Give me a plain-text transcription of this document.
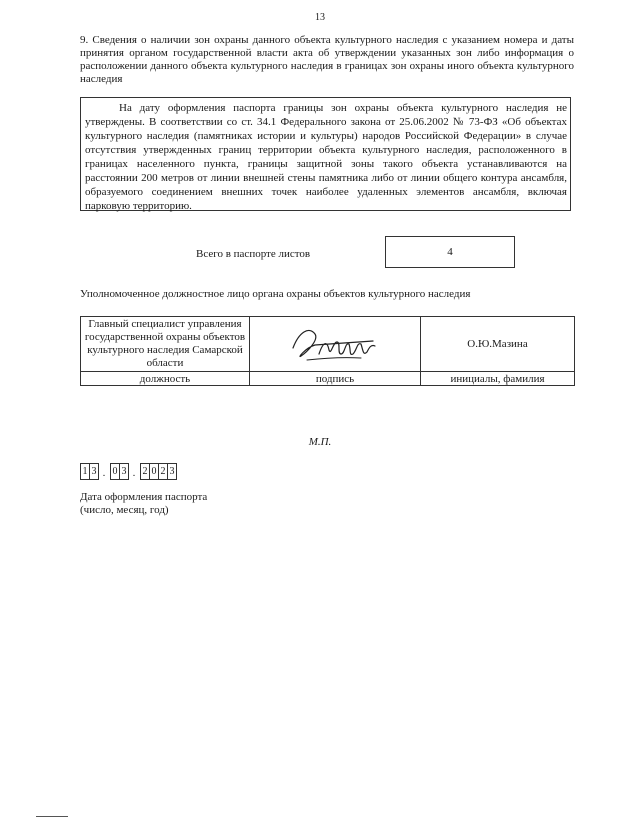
13
9. Сведения о наличии зон охраны данного объекта культурного наследия с указанием номера и даты принятия органом государственной власти акта об утверждении указанных зон либо информация о расположении данного объекта культурного наследия в границах зон охраны иного объекта культурного наследия
На дату оформления паспорта границы зон охраны объекта культурного наследия не утверждены. В соответствии со ст. 34.1 Федерального закона от 25.06.2002 № 73-ФЗ «Об объектах культурного наследия (памятниках истории и культуры) народов Российской Федерации» в случае отсутствия утвержденных границ территории объекта культурного наследия, расположенного в границах населенного пункта, границы защитной зоны такого объекта устанавливаются на расстоянии 200 метров от линии внешней стены памятника либо от линии общего контура ансамбля, образуемого соединением внешних точек наиболее удаленных элементов ансамбля, включая парковую территорию.
Всего в паспорте листов	4
Уполномоченное должностное лицо органа охраны объектов культурного наследия
Главный специалист управления государственной охраны объектов культурного наследия Самарской области		О.Ю.Мазина
должность	подпись	инициалы, фамилия
М.П.
1 3 . 0 3 . 2 0 2 3
Дата оформления паспорта
(число, месяц, год)
